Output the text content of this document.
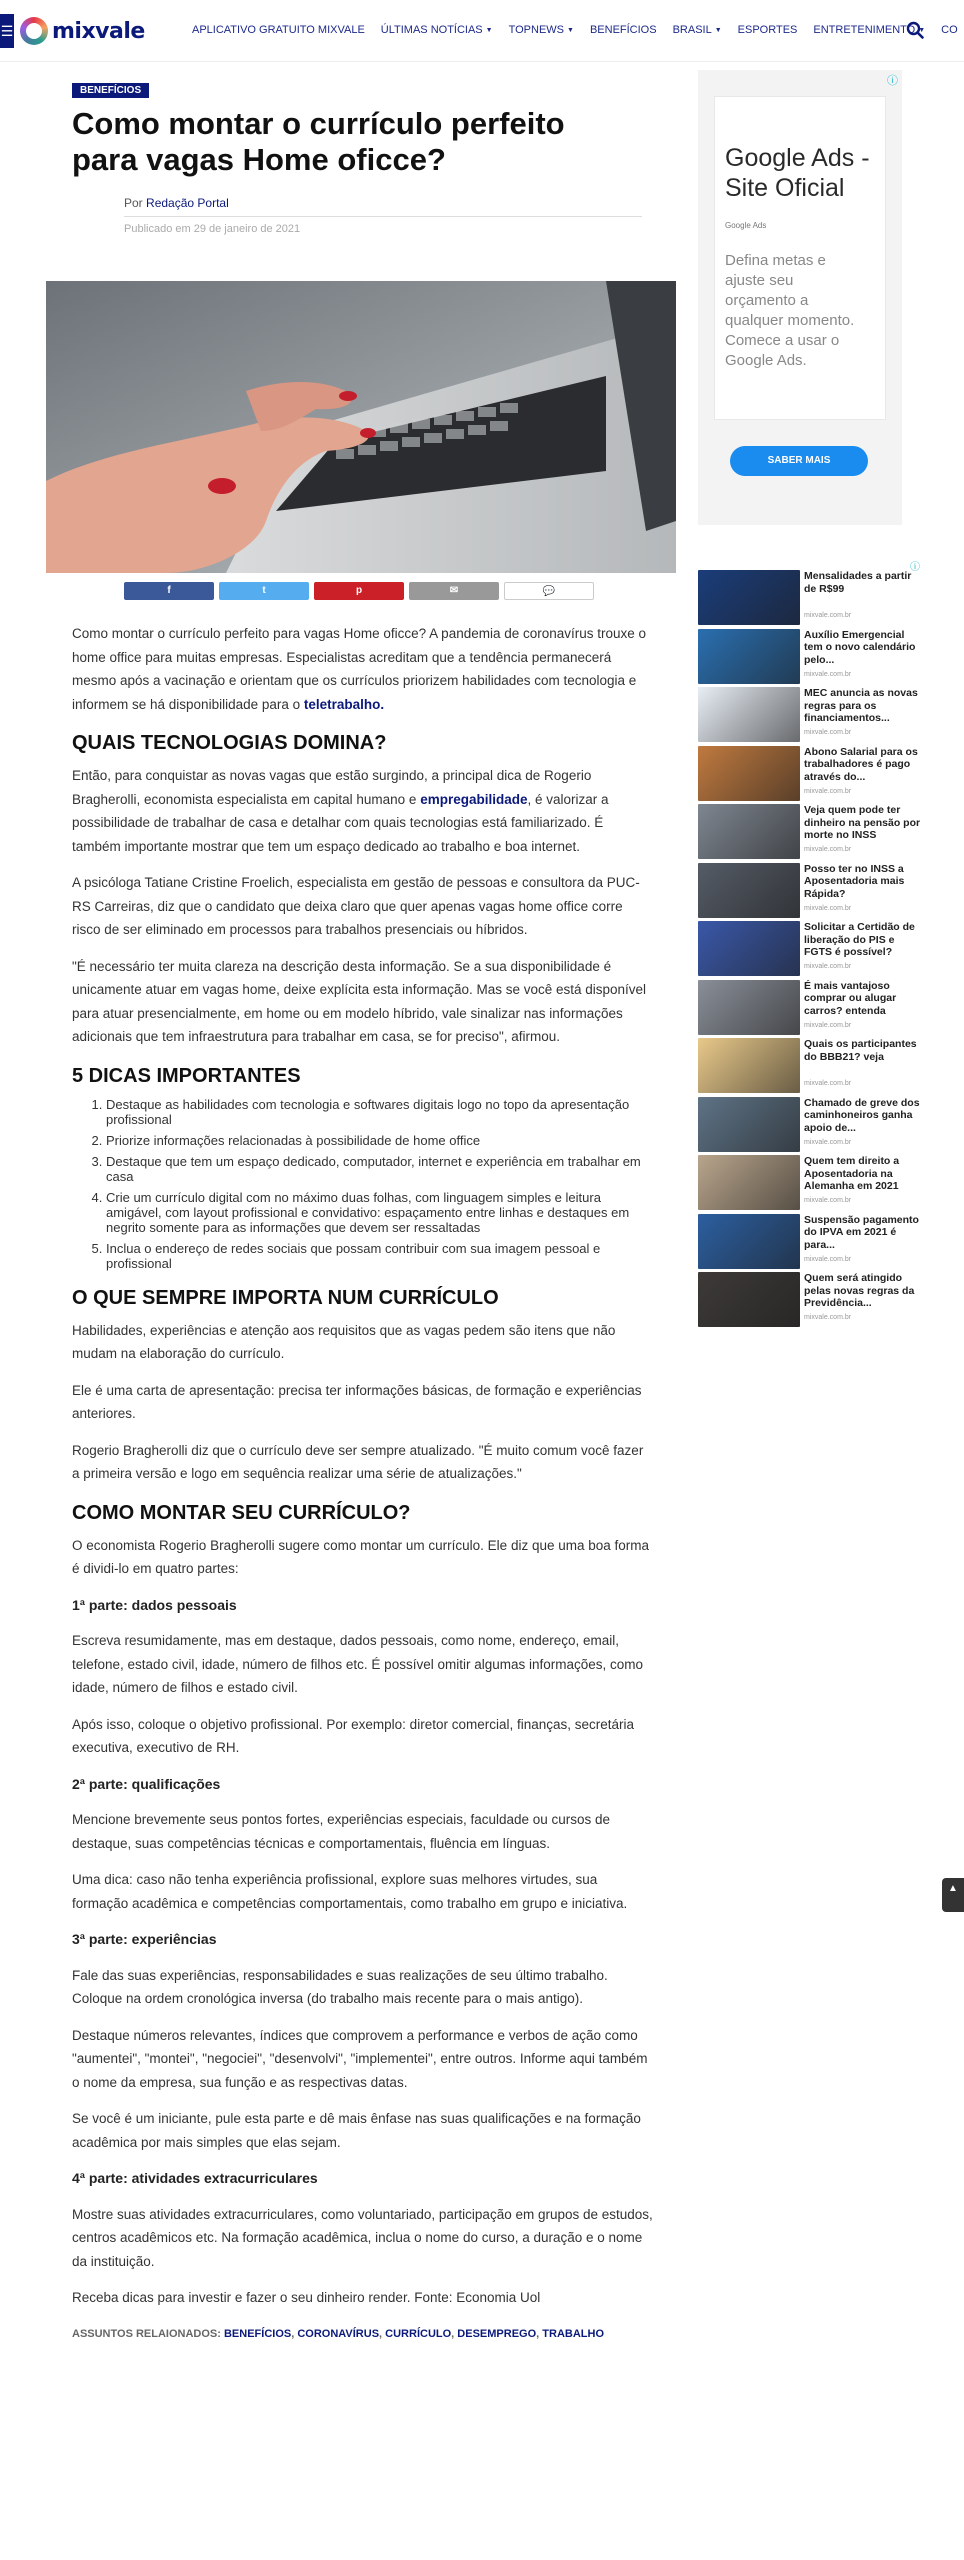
☰ mixvale	APLICATIVO GRATUITO MIXVALE ÚLTIMAS NOTÍCIAS ▼ TOPNEWS ▼ BENEFÍCIOS BRASIL ▼ ESPORTES ENTRETENIMENTO ▼ CO
BENEFÍCIOS
Como montar o currículo perfeito para vagas Home oficce?
Por Redação Portal
Publicado em 29 de janeiro de 2021
f	t	p	✉	💬

Como montar o currículo perfeito para vagas Home oficce? A pandemia de coronavírus trouxe o home office para muitas empresas. Especialistas acreditam que a tendência permanecerá mesmo após a vacinação e orientam que os currículos priorizem habilidades com tecnologia e informem se há disponibilidade para o teletrabalho.

QUAIS TECNOLOGIAS DOMINA?

Então, para conquistar as novas vagas que estão surgindo, a principal dica de Rogerio Bragherolli, economista especialista em capital humano e empregabilidade, é valorizar a possibilidade de trabalhar de casa e detalhar com quais tecnologias está familiarizado. É também importante mostrar que tem um espaço dedicado ao trabalho e boa internet.

A psicóloga Tatiane Cristine Froelich, especialista em gestão de pessoas e consultora da PUC-RS Carreiras, diz que o candidato que deixa claro que quer apenas vagas home office corre risco de ser eliminado em processos para trabalhos presenciais ou híbridos.

"É necessário ter muita clareza na descrição desta informação. Se a sua disponibilidade é unicamente atuar em vagas home, deixe explícita esta informação. Mas se você está disponível para atuar presencialmente, em home ou em modelo híbrido, vale sinalizar nas informações adicionais que tem infraestrutura para trabalhar em casa, se for preciso", afirmou.

5 DICAS IMPORTANTES
1. Destaque as habilidades com tecnologia e softwares digitais logo no topo da apresentação profissional
2. Priorize informações relacionadas à possibilidade de home office
3. Destaque que tem um espaço dedicado, computador, internet e experiência em trabalhar em casa
4. Crie um currículo digital com no máximo duas folhas, com linguagem simples e leitura amigável, com layout profissional e convidativo: espaçamento entre linhas e destaques em negrito somente para as informações que devem ser ressaltadas
5. Inclua o endereço de redes sociais que possam contribuir com sua imagem pessoal e profissional
O QUE SEMPRE IMPORTA NUM CURRÍCULO

Habilidades, experiências e atenção aos requisitos que as vagas pedem são itens que não mudam na elaboração do currículo.

Ele é uma carta de apresentação: precisa ter informações básicas, de formação e experiências anteriores.

Rogerio Bragherolli diz que o currículo deve ser sempre atualizado. "É muito comum você fazer a primeira versão e logo em sequência realizar uma série de atualizações."

COMO MONTAR SEU CURRÍCULO?

O economista Rogerio Bragherolli sugere como montar um currículo. Ele diz que uma boa forma é dividi-lo em quatro partes:

1ª parte: dados pessoais

Escreva resumidamente, mas em destaque, dados pessoais, como nome, endereço, email, telefone, estado civil, idade, número de filhos etc. É possível omitir algumas informações, como idade, número de filhos e estado civil.

Após isso, coloque o objetivo profissional. Por exemplo: diretor comercial, finanças, secretária executiva, executivo de RH.

2ª parte: qualificações

Mencione brevemente seus pontos fortes, experiências especiais, faculdade ou cursos de destaque, suas competências técnicas e comportamentais, fluência em línguas.

Uma dica: caso não tenha experiência profissional, explore suas melhores virtudes, sua formação acadêmica e competências comportamentais, como trabalho em grupo e iniciativa.

3ª parte: experiências

Fale das suas experiências, responsabilidades e suas realizações de seu último trabalho. Coloque na ordem cronológica inversa (do trabalho mais recente para o mais antigo).

Destaque números relevantes, índices que comprovem a performance e verbos de ação como "aumentei", "montei", "negociei", "desenvolvi", "implementei", entre outros. Informe aqui também o nome da empresa, sua função e as respectivas datas.

Se você é um iniciante, pule esta parte e dê mais ênfase nas suas qualificações e na formação acadêmica por mais simples que elas sejam.

4ª parte: atividades extracurriculares

Mostre suas atividades extracurriculares, como voluntariado, participação em grupos de estudos, centros acadêmicos etc. Na formação acadêmica, inclua o nome do curso, a duração e o nome da instituição.

Receba dicas para investir e fazer o seu dinheiro render. Fonte: Economia Uol

ASSUNTOS RELAIONADOS: BENEFÍCIOS, CORONAVÍRUS, CURRÍCULO, DESEMPREGO, TRABALHO
ⓘ
Google Ads - Site Oficial
Google Ads
Defina metas e ajuste seu orçamento a qualquer momento. Comece a usar o Google Ads.
SABER MAIS
ⓘ
Mensalidades a partir de R$99
mixvale.com.br
Auxílio Emergencial tem o novo calendário pelo...
mixvale.com.br
MEC anuncia as novas regras para os financiamentos...
mixvale.com.br
Abono Salarial para os trabalhadores é pago através do...
mixvale.com.br
Veja quem pode ter dinheiro na pensão por morte no INSS
mixvale.com.br
Posso ter no INSS a Aposentadoria mais Rápida?
mixvale.com.br
Solicitar a Certidão de liberação do PIS e FGTS é possível?
mixvale.com.br
É mais vantajoso comprar ou alugar carros? entenda
mixvale.com.br
Quais os participantes do BBB21? veja
mixvale.com.br
Chamado de greve dos caminhoneiros ganha apoio de...
mixvale.com.br
Quem tem direito a Aposentadoria na Alemanha em 2021
mixvale.com.br
Suspensão pagamento do IPVA em 2021 é para...
mixvale.com.br
Quem será atingido pelas novas regras da Previdência...
mixvale.com.br
▲
